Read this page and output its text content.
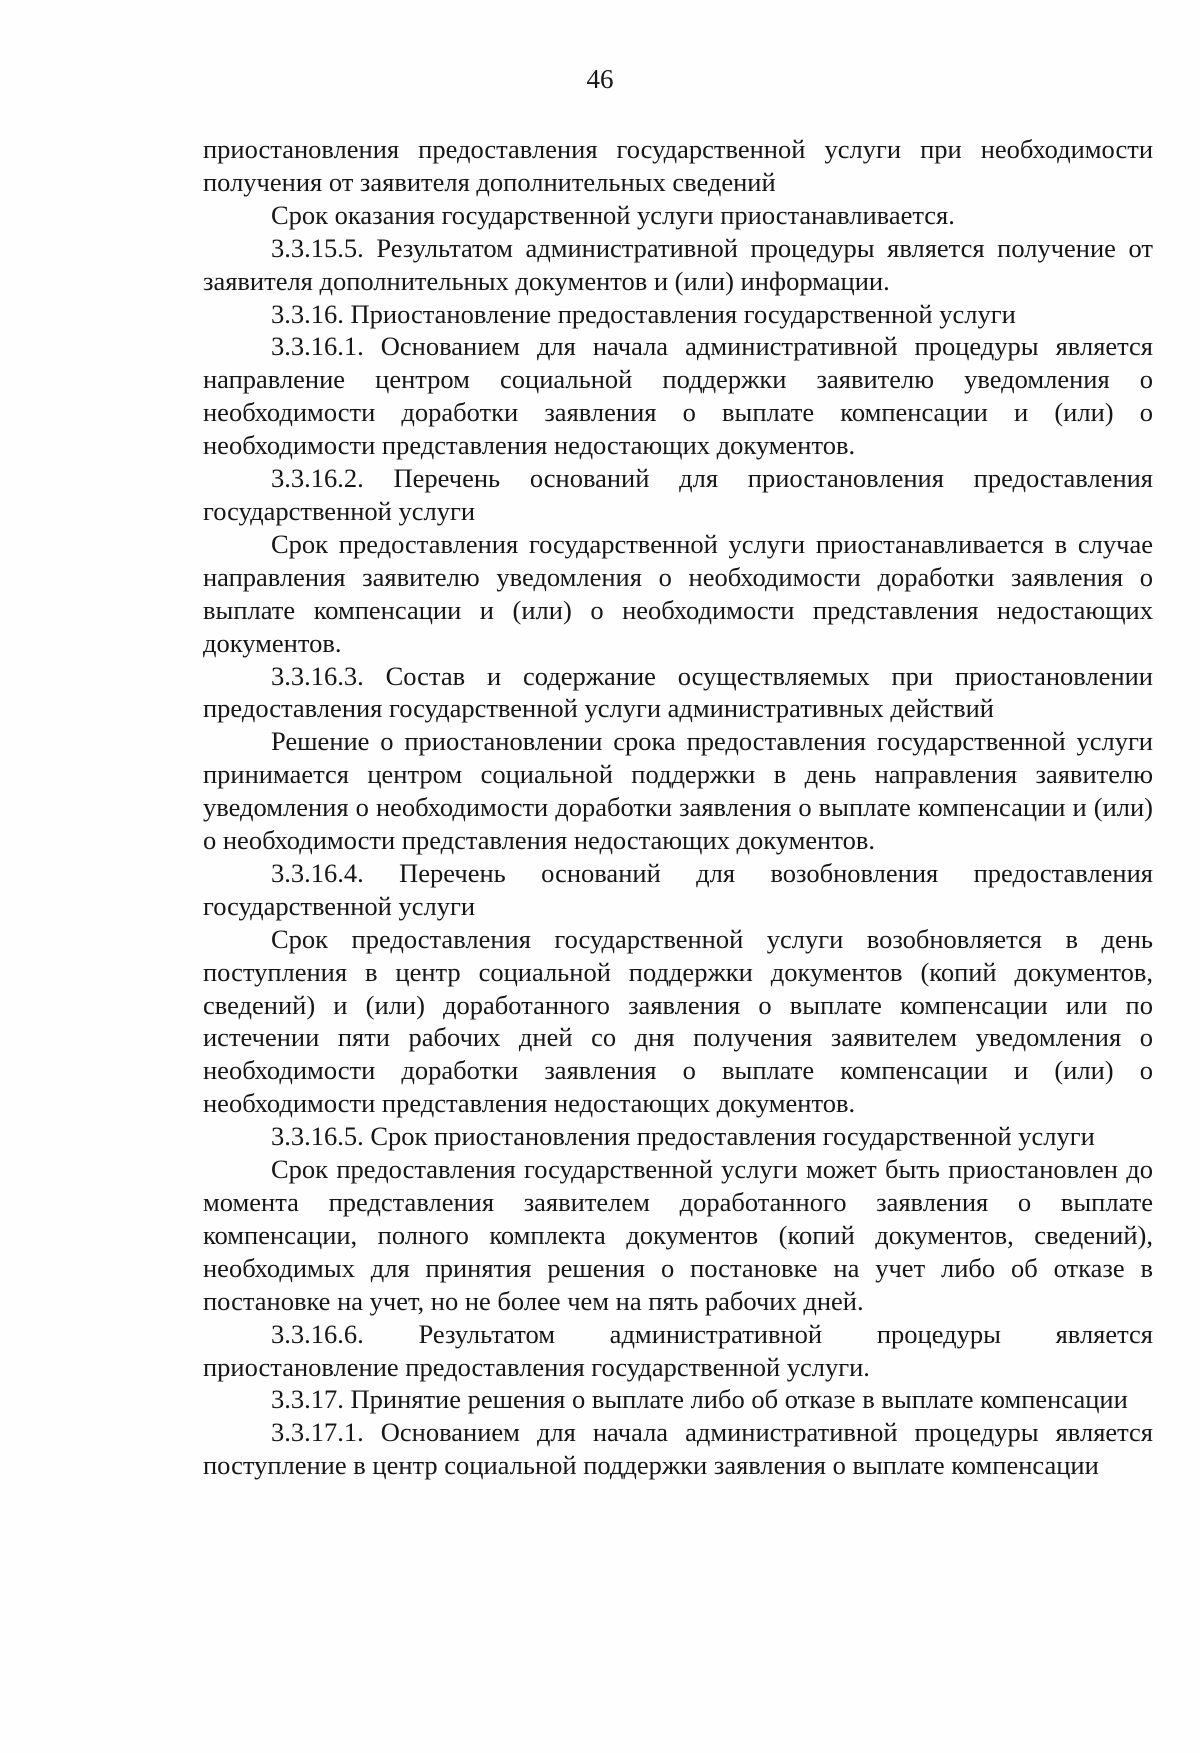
46

приостановления предоставления государственной услуги при необходимости получения от заявителя дополнительных сведений

Срок оказания государственной услуги приостанавливается.

3.3.15.5. Результатом административной процедуры является получение от заявителя дополнительных документов и (или) информации.

3.3.16. Приостановление предоставления государственной услуги

3.3.16.1. Основанием для начала административной процедуры является направление центром социальной поддержки заявителю уведомления о необходимости доработки заявления о выплате компенсации и (или) о необходимости представления недостающих документов.

3.3.16.2. Перечень оснований для приостановления предоставления государственной услуги

Срок предоставления государственной услуги приостанавливается в случае направления заявителю уведомления о необходимости доработки заявления о выплате компенсации и (или) о необходимости представления недостающих документов.

3.3.16.3. Состав и содержание осуществляемых при приостановлении предоставления государственной услуги административных действий

Решение о приостановлении срока предоставления государственной услуги принимается центром социальной поддержки в день направления заявителю уведомления о необходимости доработки заявления о выплате компенсации и (или) о необходимости представления недостающих документов.

3.3.16.4. Перечень оснований для возобновления предоставления государственной услуги

Срок предоставления государственной услуги возобновляется в день поступления в центр социальной поддержки документов (копий документов, сведений) и (или) доработанного заявления о выплате компенсации или по истечении пяти рабочих дней со дня получения заявителем уведомления о необходимости доработки заявления о выплате компенсации и (или) о необходимости представления недостающих документов.

3.3.16.5. Срок приостановления предоставления государственной услуги

Срок предоставления государственной услуги может быть приостановлен до момента представления заявителем доработанного заявления о выплате компенсации, полного комплекта документов (копий документов, сведений), необходимых для принятия решения о постановке на учет либо об отказе в постановке на учет, но не более чем на пять рабочих дней.

3.3.16.6. Результатом административной процедуры является приостановление предоставления государственной услуги.

3.3.17. Принятие решения о выплате либо об отказе в выплате компенсации

3.3.17.1. Основанием для начала административной процедуры является поступление в центр социальной поддержки заявления о выплате компенсации
